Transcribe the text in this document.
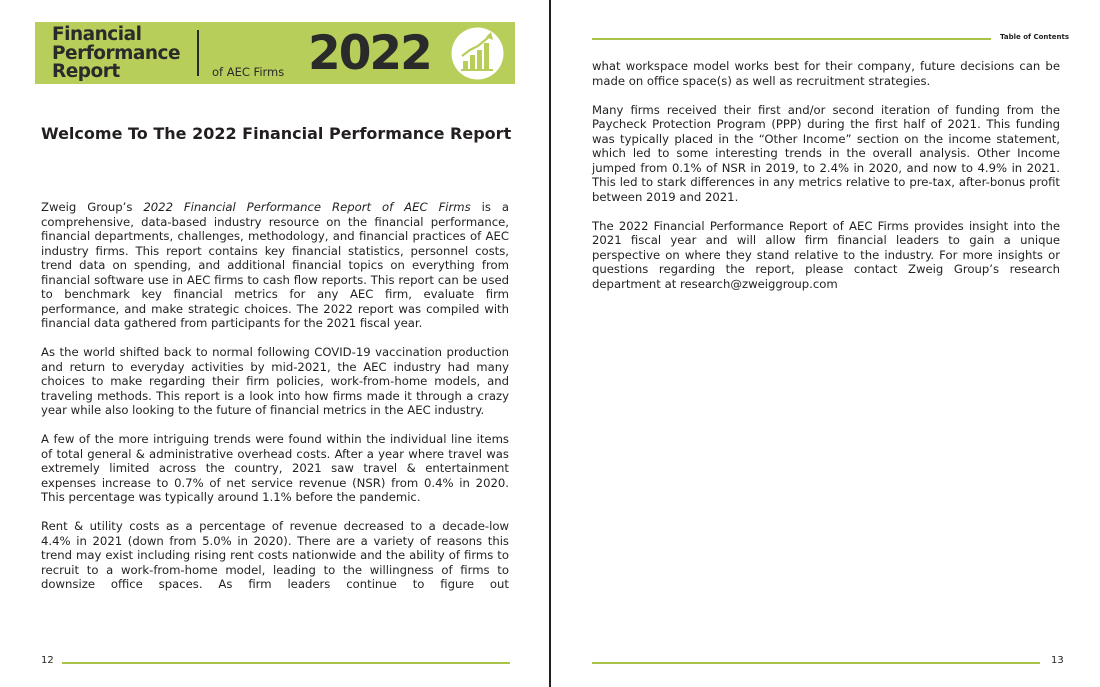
Financial
Performance
Report	of AEC Firms 2022
Welcome To The 2022 Financial Performance Report

Zweig Group’s 2022 Financial Performance Report of AEC Firms is a comprehensive, data-based industry resource on the financial performance, financial departments, challenges, methodology, and financial practices of AEC industry firms. This report contains key financial statistics, personnel costs, trend data on spending, and additional financial topics on everything from financial software use in AEC firms to cash flow reports. This report can be used to benchmark key financial metrics for any AEC firm, evaluate firm performance, and make strategic choices. The 2022 report was compiled with financial data gathered from participants for the 2021 fiscal year.

As the world shifted back to normal following COVID-19 vaccination production and return to everyday activities by mid-2021, the AEC industry had many choices to make regarding their firm policies, work-from-home models, and traveling methods. This report is a look into how firms made it through a crazy year while also looking to the future of financial metrics in the AEC industry.

A few of the more intriguing trends were found within the individual line items of total general & administrative overhead costs. After a year where travel was extremely limited across the country, 2021 saw travel & entertainment expenses increase to 0.7% of net service revenue (NSR) from 0.4% in 2020. This percentage was typically around 1.1% before the pandemic.

Rent & utility costs as a percentage of revenue decreased to a decade-low 4.4% in 2021 (down from 5.0% in 2020). There are a variety of reasons this trend may exist including rising rent costs nationwide and the ability of firms to recruit to a work-from-home model, leading to the willingness of firms to downsize office spaces. As firm leaders continue to figure out

12
Table of Contents

what workspace model works best for their company, future decisions can be made on office space(s) as well as recruitment strategies.

Many firms received their first and/or second iteration of funding from the Paycheck Protection Program (PPP) during the first half of 2021. This funding was typically placed in the “Other Income” section on the income statement, which led to some interesting trends in the overall analysis. Other Income jumped from 0.1% of NSR in 2019, to 2.4% in 2020, and now to 4.9% in 2021. This led to stark differences in any metrics relative to pre-tax, after-bonus profit between 2019 and 2021.

The 2022 Financial Performance Report of AEC Firms provides insight into the 2021 fiscal year and will allow firm financial leaders to gain a unique perspective on where they stand relative to the industry. For more insights or questions regarding the report, please contact Zweig Group’s research department at research@zweiggroup.com

13
